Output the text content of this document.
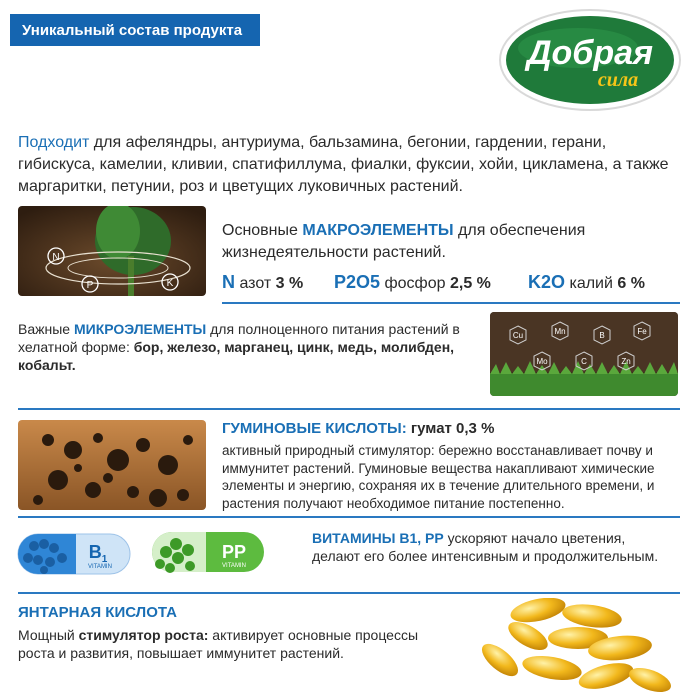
Уникальный состав продукта
Добрая
сила
Подходит для афеляндры, антуриума, бальзамина, бегонии, гардении, герани, гибискуса, камелии, кливии, спатифиллума, фиалки, фуксии, хойи, цикламена, а также маргаритки, петунии, роз и цветущих луковичных растений.
N
P	K
Основные МАКРОЭЛЕМЕНТЫ для обеспечения жизнедеятельности растений.
N азот 3 % P2O5 фосфор 2,5 % K2O калий 6 %
Важные МИКРОЭЛЕМЕНТЫ для полноценного питания растений в хелатной форме: бор, железо, марганец, цинк, медь, молибден, кобальт.
Cu	Mn	B	Fe
Mo	C	Zn
ГУМИНОВЫЕ КИСЛОТЫ: гумат 0,3 %
активный природный стимулятор: бережно восстанавливает почву и иммунитет растений. Гуминовые вещества накапливают химические элементы и энергию, сохраняя их в течение длительного времени, и растения получают необходимое питание постепенно.
$B_1$
VITAMIN
PP
VITAMIN
ВИТАМИНЫ В1, РР ускоряют начало цветения, делают его более интенсивным и продолжительным.
ЯНТАРНАЯ КИСЛОТА
Мощный стимулятор роста: активирует основные процессы роста и развития, повышает иммунитет растений.
